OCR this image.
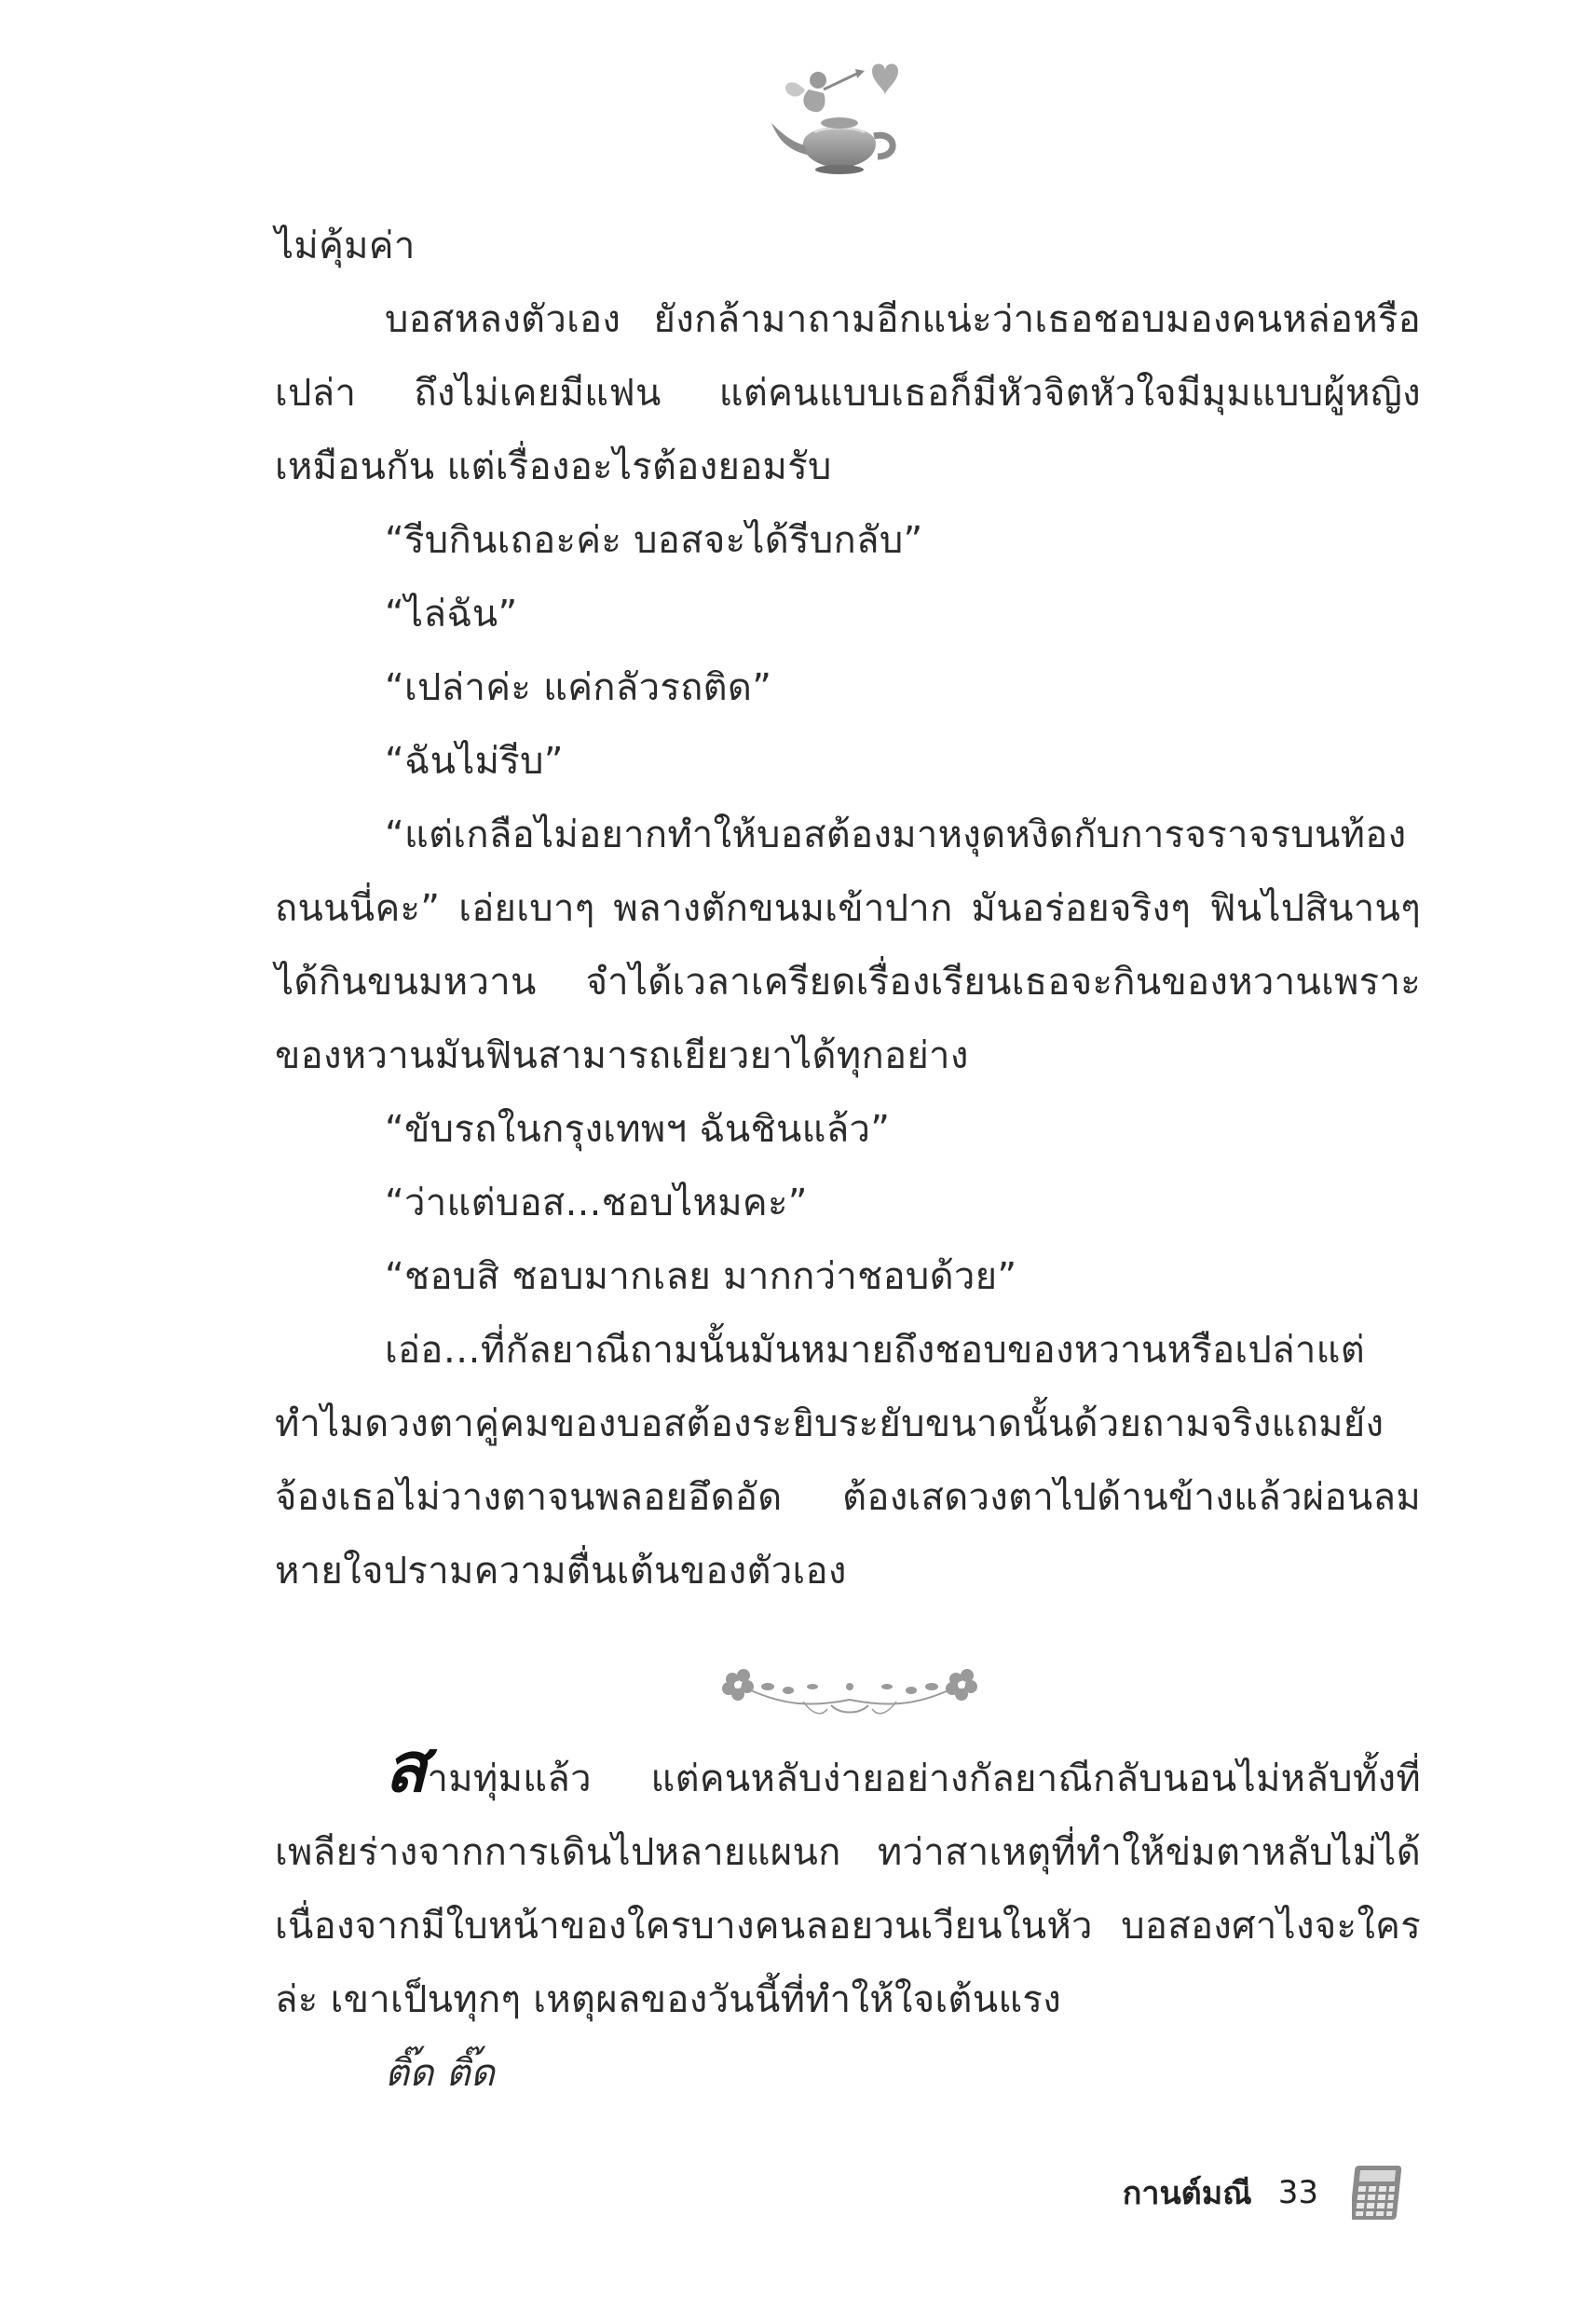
ไม่คุ้มค่า

บอสหลงตัวเอง ยังกล้ามาถามอีกแน่ะว่าเธอชอบมองคนหล่อหรือเปล่า ถึงไม่เคยมีแฟน แต่คนแบบเธอก็มีหัวจิตหัวใจมีมุมแบบผู้หญิงเหมือนกัน แต่เรื่องอะไรต้องยอมรับ

“รีบกินเถอะค่ะ บอสจะได้รีบกลับ”

“ไล่ฉัน”

“เปล่าค่ะ แค่กลัวรถติด”

“ฉันไม่รีบ”

“แต่เกลือไม่อยากทำให้บอสต้องมาหงุดหงิดกับการจราจรบนท้องถนนนี่คะ” เอ่ยเบาๆ พลางตักขนมเข้าปาก มันอร่อยจริงๆ ฟินไปสินานๆ ได้กินขนมหวาน จำได้เวลาเครียดเรื่องเรียนเธอจะกินของหวานเพราะของหวานมันฟินสามารถเยียวยาได้ทุกอย่าง

“ขับรถในกรุงเทพฯ ฉันชินแล้ว”

“ว่าแต่บอส...ชอบไหมคะ”

“ชอบสิ ชอบมากเลย มากกว่าชอบด้วย”

เอ่อ…ที่กัลยาณีถามนั้นมันหมายถึงชอบของหวานหรือเปล่าแต่ทำไมดวงตาคู่คมของบอสต้องระยิบระยับขนาดนั้นด้วยถามจริงแถมยังจ้องเธอไม่วางตาจนพลอยอึดอัด ต้องเสดวงตาไปด้านข้างแล้วผ่อนลมหายใจปรามความตื่นเต้นของตัวเอง

สามทุ่มแล้ว แต่คนหลับง่ายอย่างกัลยาณีกลับนอนไม่หลับทั้งที่เพลียร่างจากการเดินไปหลายแผนก ทว่าสาเหตุที่ทำให้ข่มตาหลับไม่ได้เนื่องจากมีใบหน้าของใครบางคนลอยวนเวียนในหัว บอสองศาไงจะใครล่ะ เขาเป็นทุกๆ เหตุผลของวันนี้ที่ทำให้ใจเต้นแรง

ติ๊ด ติ๊ด

กานต์มณี 33
